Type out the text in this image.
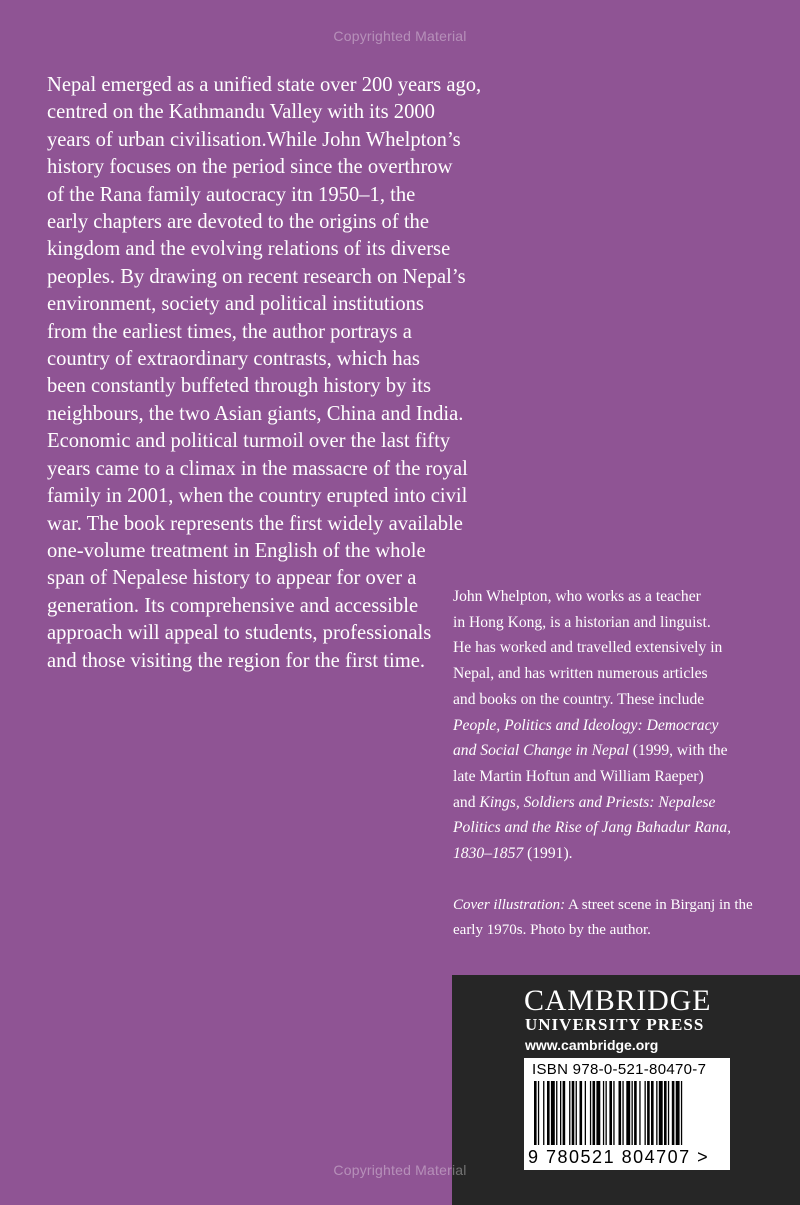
Copyrighted Material
Nepal emerged as a unified state over 200 years ago,
centred on the Kathmandu Valley with its 2000
years of urban civilisation.While John Whelpton’s
history focuses on the period since the overthrow
of the Rana family autocracy itn 1950–1, the
early chapters are devoted to the origins of the
kingdom and the evolving relations of its diverse
peoples. By drawing on recent research on Nepal’s
environment, society and political institutions
from the earliest times, the author portrays a
country of extraordinary contrasts, which has
been constantly buffeted through history by its
neighbours, the two Asian giants, China and India.
Economic and political turmoil over the last fifty
years came to a climax in the massacre of the royal
family in 2001, when the country erupted into civil
war. The book represents the first widely available
one-volume treatment in English of the whole
span of Nepalese history to appear for over a
generation. Its comprehensive and accessible
approach will appeal to students, professionals
and those visiting the region for the first time.
John Whelpton, who works as a teacher
in Hong Kong, is a historian and linguist.
He has worked and travelled extensively in
Nepal, and has written numerous articles
and books on the country. These include
People, Politics and Ideology: Democracy
and Social Change in Nepal (1999, with the
late Martin Hoftun and William Raeper)
and Kings, Soldiers and Priests: Nepalese
Politics and the Rise of Jang Bahadur Rana,
1830–1857 (1991).
Cover illustration: A street scene in Birganj in the
early 1970s. Photo by the author.
CAMBRIDGE
UNIVERSITY PRESS
www.cambridge.org
ISBN 978-0-521-80470-7
9 780521 804707 >
Copyrighted Material
